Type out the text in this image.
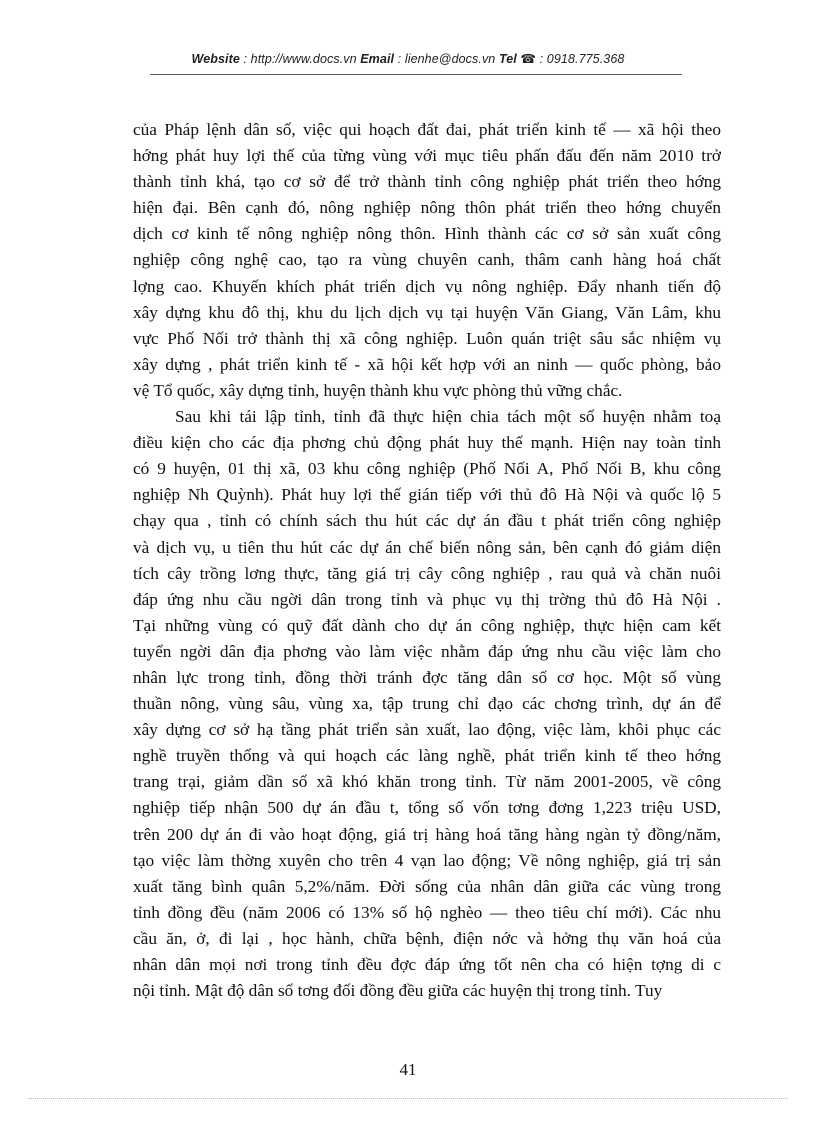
Website : http://www.docs.vn Email : lienhe@docs.vn Tel ☎ : 0918.775.368
của Pháp lệnh dân số, việc qui hoạch đất đai, phát triển kinh tế — xã hội theo
hớng phát huy lợi thế của từng vùng với mục tiêu phấn đấu đến năm 2010 trở
thành tỉnh khá, tạo cơ sở để trở thành tỉnh công nghiệp phát triển theo hớng
hiện đại. Bên cạnh đó, nông nghiệp nông thôn phát triển theo hớng chuyển
dịch cơ kinh tế nông nghiệp nông thôn. Hình thành các cơ sở sản xuất công
nghiệp công nghệ cao, tạo ra vùng chuyên canh, thâm canh hàng hoá chất
lợng cao. Khuyến khích phát triển dịch vụ nông nghiệp. Đẩy nhanh tiến độ
xây dựng khu đô thị, khu du lịch dịch vụ tại huyện Văn Giang, Văn Lâm, khu
vực Phố Nối trở thành thị xã công nghiệp. Luôn quán triệt sâu sắc nhiệm vụ
xây dựng , phát triển kinh tế - xã hội kết hợp với an ninh — quốc phòng, bảo
vệ Tổ quốc, xây dựng tỉnh, huyện thành khu vực phòng thủ vững chắc.
Sau khi tái lập tỉnh, tỉnh đã thực hiện chia tách một số huyện nhằm toạ
điều kiện cho các địa phơng chủ động phát huy thế mạnh. Hiện nay toàn tỉnh
có 9 huyện, 01 thị xã, 03 khu công nghiệp (Phố Nối A, Phố Nối B, khu công
nghiệp Nh Quỳnh). Phát huy lợi thế gián tiếp với thủ đô Hà Nội và quốc lộ 5
chạy qua , tỉnh có chính sách thu hút các dự án đầu t phát triển công nghiệp
và dịch vụ, u tiên thu hút các dự án chế biến nông sản, bên cạnh đó giảm diện
tích cây trồng lơng thực, tăng giá trị cây công nghiệp , rau quả và chăn nuôi
đáp ứng nhu cầu ngời dân trong tỉnh và phục vụ thị trờng thủ đô Hà Nội .
Tại những vùng có quỹ đất dành cho dự án công nghiệp, thực hiện cam kết
tuyển ngời dân địa phơng vào làm việc nhằm đáp ứng nhu cầu việc làm cho
nhân lực trong tỉnh, đồng thời tránh đợc tăng dân số cơ học. Một số vùng
thuần nông, vùng sâu, vùng xa, tập trung chỉ đạo các chơng trình, dự án để
xây dựng cơ sở hạ tầng phát triển sản xuất, lao động, việc làm, khôi phục các
nghề truyền thống và qui hoạch các làng nghề, phát triển kinh tế theo hớng
trang trại, giảm dần số xã khó khăn trong tỉnh. Từ năm 2001-2005, về công
nghiệp tiếp nhận 500 dự án đầu t, tổng số vốn tơng đơng 1,223 triệu USD,
trên 200 dự án đi vào hoạt động, giá trị hàng hoá tăng hàng ngàn tỷ đồng/năm,
tạo việc làm thờng xuyên cho trên 4 vạn lao động; Về nông nghiệp, giá trị sản
xuất tăng bình quân 5,2%/năm. Đời sống của nhân dân giữa các vùng trong
tỉnh đồng đều (năm 2006 có 13% số hộ nghèo — theo tiêu chí mới). Các nhu
cầu ăn, ở, đi lại , học hành, chữa bệnh, điện nớc và hởng thụ văn hoá của
nhân dân mọi nơi trong tỉnh đều đợc đáp ứng tốt nên cha có hiện tợng di c
nội tỉnh. Mật độ dân số tơng đối đồng đều giữa các huyện thị trong tỉnh. Tuy
41
